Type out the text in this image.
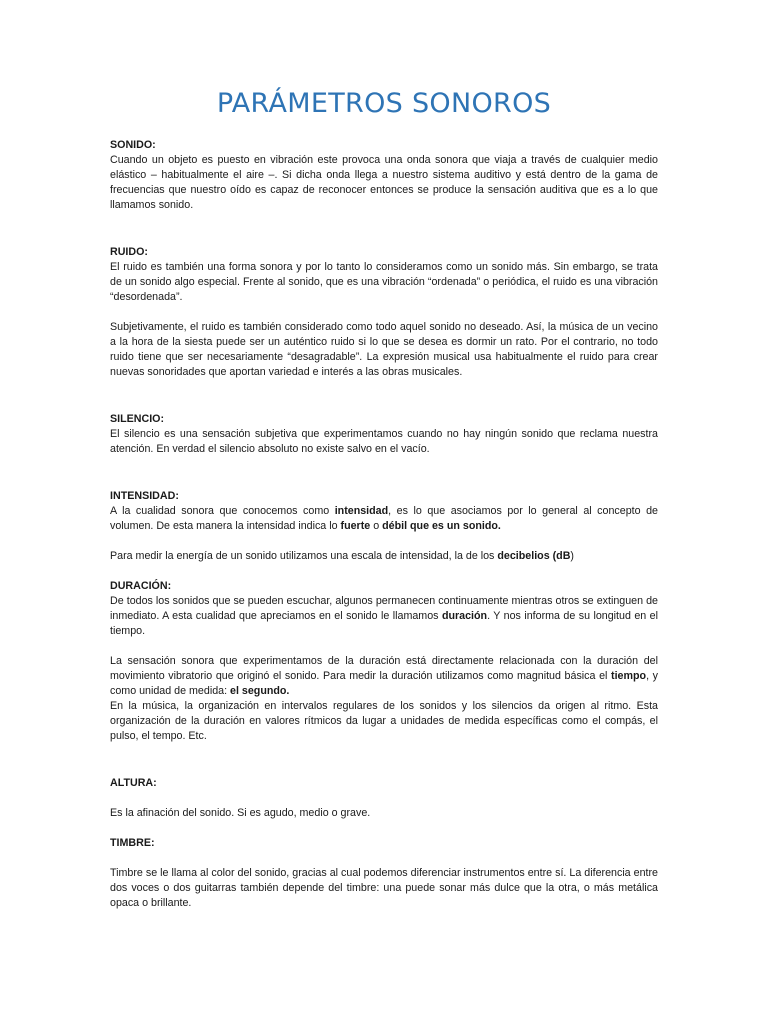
PARÁMETROS SONOROS

SONIDO:

Cuando un objeto es puesto en vibración este provoca una onda sonora que viaja a través de cualquier medio elástico – habitualmente el aire –. Si dicha onda llega a nuestro sistema auditivo y está dentro de la gama de frecuencias que nuestro oído es capaz de reconocer entonces se produce la sensación auditiva que es a lo que llamamos sonido.

RUIDO:

El ruido es también una forma sonora y por lo tanto lo consideramos como un sonido más. Sin embargo, se trata de un sonido algo especial. Frente al sonido, que es una vibración “ordenada” o periódica, el ruido es una vibración “desordenada”.

Subjetivamente, el ruido es también considerado como todo aquel sonido no deseado. Así, la música de un vecino a la hora de la siesta puede ser un auténtico ruido si lo que se desea es dormir un rato. Por el contrario, no todo ruido tiene que ser necesariamente “desagradable”. La expresión musical usa habitualmente el ruido para crear nuevas sonoridades que aportan variedad e interés a las obras musicales.

SILENCIO:

El silencio es una sensación subjetiva que experimentamos cuando no hay ningún sonido que reclama nuestra atención. En verdad el silencio absoluto no existe salvo en el vacío.

INTENSIDAD:

A la cualidad sonora que conocemos como intensidad, es lo que asociamos por lo general al concepto de volumen. De esta manera la intensidad indica lo fuerte o débil que es un sonido.

Para medir la energía de un sonido utilizamos una escala de intensidad, la de los decibelios (dB)

DURACIÓN:

De todos los sonidos que se pueden escuchar, algunos permanecen continuamente mientras otros se extinguen de inmediato. A esta cualidad que apreciamos en el sonido le llamamos duración. Y nos informa de su longitud en el tiempo.

La sensación sonora que experimentamos de la duración está directamente relacionada con la duración del movimiento vibratorio que originó el sonido. Para medir la duración utilizamos como magnitud básica el tiempo, y como unidad de medida: el segundo.

En la música, la organización en intervalos regulares de los sonidos y los silencios da origen al ritmo. Esta organización de la duración en valores rítmicos da lugar a unidades de medida específicas como el compás, el pulso, el tempo. Etc.

ALTURA:

Es la afinación del sonido. Si es agudo, medio o grave.

TIMBRE:

Timbre se le llama al color del sonido, gracias al cual podemos diferenciar instrumentos entre sí. La diferencia entre dos voces o dos guitarras también depende del timbre: una puede sonar más dulce que la otra, o más metálica opaca o brillante.
